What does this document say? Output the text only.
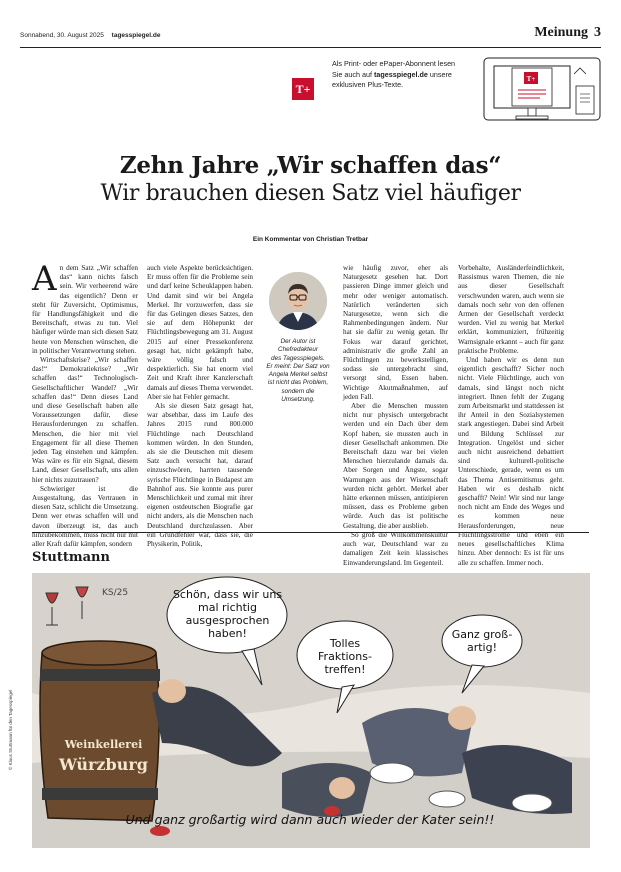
Sonnabend, 30. August 2025 tagesspiegel.de	Meinung 3
T+
Als Print- oder ePaper-Abonnent lesen
Sie auch auf tagesspiegel.de unsere
exklusiven Plus-Texte.
T+
Zehn Jahre „Wir schaffen das“
Wir brauchen diesen Satz viel häufiger
Ein Kommentar von Christian Tretbar

An dem Satz „Wir schaffen das“ kann nichts falsch sein. Wir verheerend wäre das eigentlich? Denn er steht für Zuversicht, Optimismus, für Handlungsfähigkeit und die Bereitschaft, etwas zu tun. Viel häufiger würde man sich diesen Satz heute von Menschen wünschen, die in politischer Verantwortung stehen.

Wirtschaftskrise? „Wir schaffen das!“ Demokratiekrise? „Wir schaffen das!“ Technologisch-Gesellschaftlicher Wandel? „Wir schaffen das!“ Denn dieses Land und diese Gesellschaft haben alle Voraussetzungen dafür, diese Herausforderungen zu schaffen. Menschen, die hier mit viel Engagement für all diese Themen jeden Tag einstehen und kämpfen. Was wäre es für ein Signal, diesem Land, dieser Gesellschaft, uns allen hier nichts zuzutrauen?

Schwieriger ist die Ausgestaltung, das Vertrauen in diesen Satz, schlicht die Umsetzung. Denn wer etwas schaffen will und davon überzeugt ist, das auch hinzubekommen, muss nicht nur mit aller Kraft dafür kämpfen, sondern

auch viele Aspekte berücksichtigen. Er muss offen für die Probleme sein und darf keine Scheuklappen haben. Und damit sind wir bei Angela Merkel. Ihr vorzuwerfen, dass sie für das Gelingen dieses Satzes, den sie auf dem Höhepunkt der Flüchtlingsbewegung am 31. August 2015 auf einer Pressekonferenz gesagt hat, nicht gekämpft habe, wäre völlig falsch und despektierlich. Sie hat enorm viel Zeit und Kraft ihrer Kanzlerschaft damals auf dieses Thema verwendet. Aber sie hat Fehler gemacht.

Als sie diesen Satz gesagt hat, war absehbar, dass im Laufe des Jahres 2015 rund 800.000 Flüchtlinge nach Deutschland kommen würden. In den Stunden, als sie die Deutschen mit diesem Satz auch versucht hat, darauf einzuschwören, harrten tausende syrische Flüchtlinge in Budapest am Bahnhof aus. Sie konnte aus purer Menschlichkeit und zumal mit ihrer eigenen ostdeutschen Biografie gar nicht anders, als die Menschen nach Deutschland durchzulassen. Aber ein Grundfehler war, dass sie, die Physikerin, Politik,

Der Autor ist
Chefredakteur
des Tagesspiegels.
Er meint: Der Satz von
Angela Merkel selbst
ist nicht das Problem,
sondern die
Umsetzung.

wie häufig zuvor, eher als Naturgesetz gesehen hat. Dort passieren Dinge immer gleich und mehr oder weniger automatisch. Natürlich veränderten sich Naturgesetze, wenn sich die Rahmenbedingungen ändern. Nur hat sie dafür zu wenig getan. Ihr Fokus war darauf gerichtet, administrativ die große Zahl an Flüchtlingen zu bewerkstelligen, sodass sie untergebracht sind, versorgt sind, Essen haben. Wichtige Akutmaßnahmen, auf jeden Fall.

Aber die Menschen mussten nicht nur physisch untergebracht werden und ein Dach über dem Kopf haben, sie mussten auch in dieser Gesellschaft ankommen. Die Bereitschaft dazu war bei vielen Menschen hierzulande damals da. Aber Sorgen und Ängste, sogar Warnungen aus der Wissenschaft wurden nicht gehört. Merkel aber hätte erkennen müssen, antizipieren müssen, dass es Probleme geben würde. Auch das ist politische Gestaltung, die aber ausblieb.

So groß die Willkommenskultur auch war, Deutschland war zu damaligen Zeit kein klassisches Einwanderungsland. Im Gegenteil.

Vorbehalte, Ausländerfeindlichkeit, Rassismus waren Themen, die nie aus dieser Gesellschaft verschwunden waren, auch wenn sie damals noch sehr von den offenen Armen der Gesellschaft verdeckt wurden. Viel zu wenig hat Merkel erklärt, kommuniziert, frühzeitig Warnsignale erkannt – auch für ganz praktische Probleme.

Und haben wir es denn nun eigentlich geschafft? Sicher noch nicht. Viele Flüchtlinge, auch von damals, sind längst noch nicht integriert. Ihnen fehlt der Zugang zum Arbeitsmarkt und stattdessen ist ihr Anteil in den Sozialsystemen stark angestiegen. Dabei sind Arbeit und Bildung Schlüssel zur Integration. Ungelöst und sicher auch nicht ausreichend debattiert sind kulturell-politische Unterschiede, gerade, wenn es um das Thema Antisemitismus geht. Haben wir es deshalb nicht geschafft? Nein! Wir sind nur lange noch nicht am Ende des Weges und es kommen neue Herausforderungen, neue Flüchtlingsströme und eben ein neues gesellschaftliches Klima hinzu. Aber dennoch: Es ist für uns alle zu schaffen. Immer noch.

Stuttmann
KS/25	Schön, dass wir uns mal richtig ausgesprochen haben!
Tolles Fraktions-treffen!
Ganz groß-artig!
Weinkellerei
Würzburg
Und ganz großartig wird dann auch wieder der Kater sein!!
© Klaus Stuttmann für den Tagesspiegel
